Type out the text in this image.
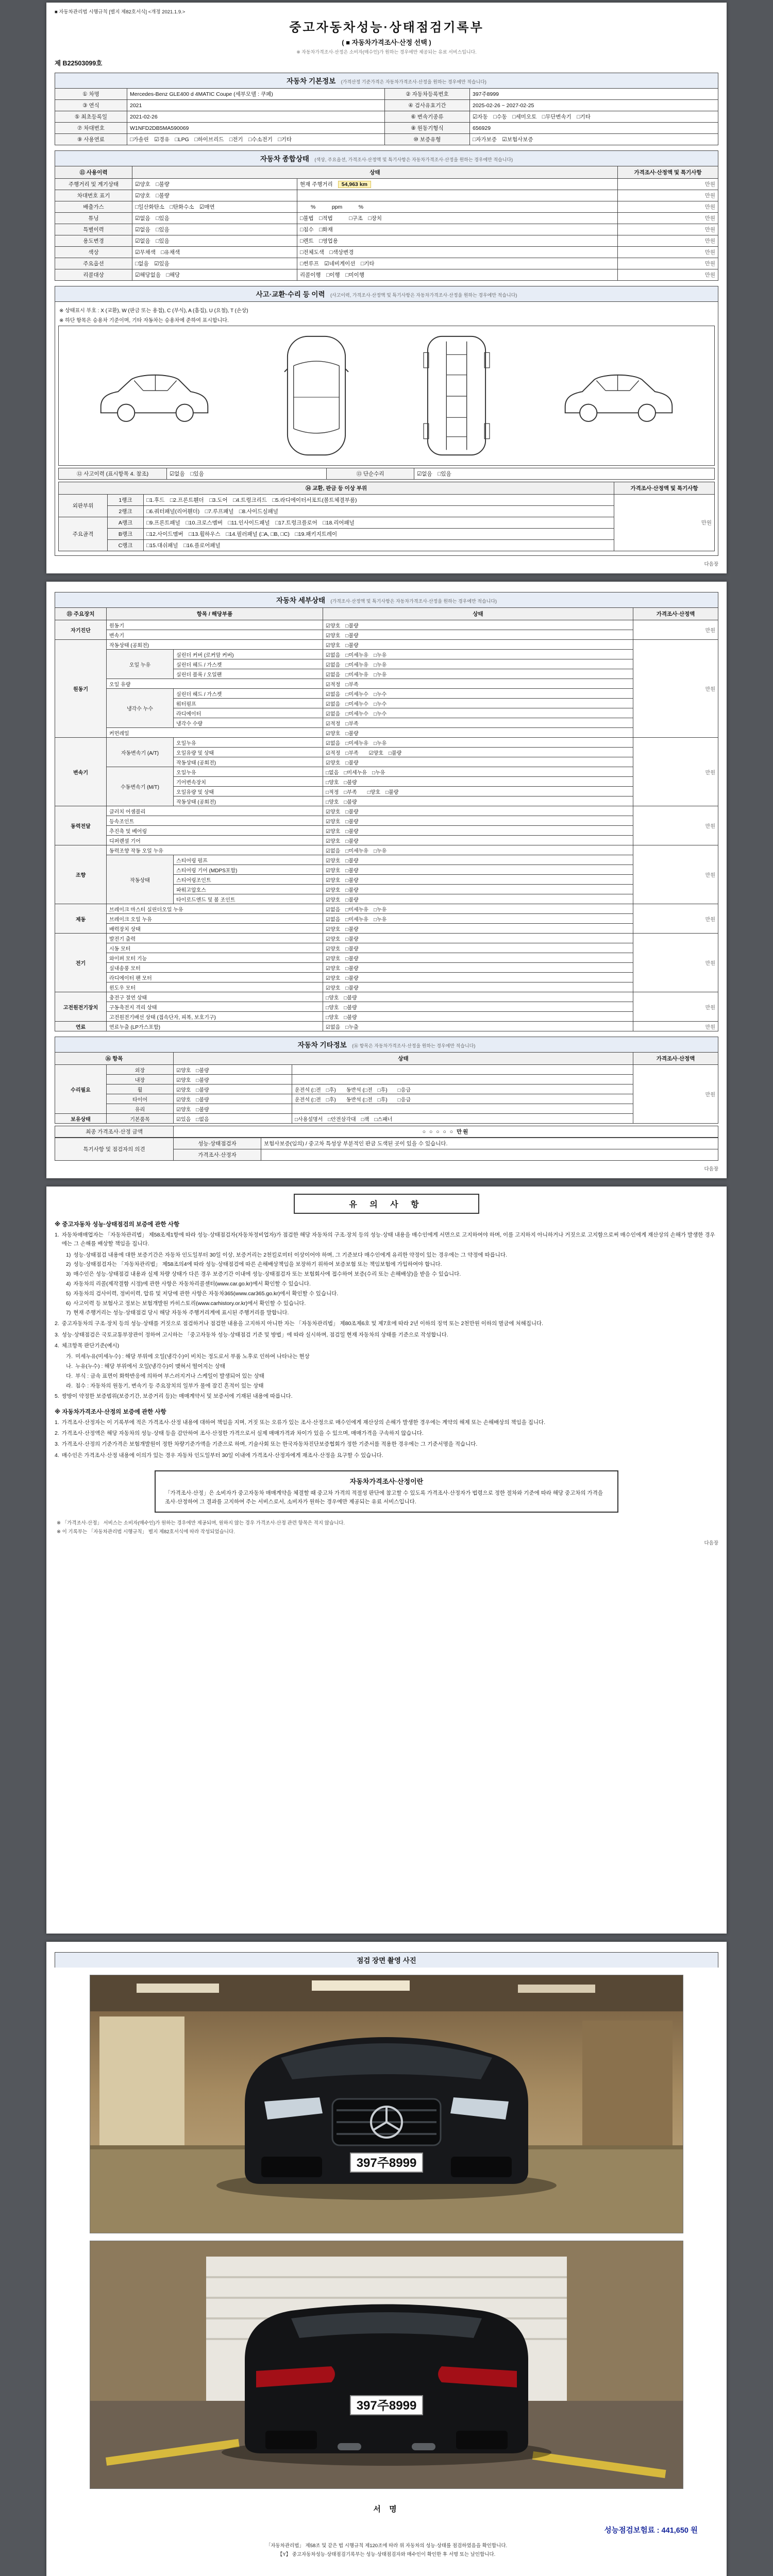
■ 자동차관리법 시행규칙 [별지 제82호서식] <개정 2021.1.9.>
중고자동차성능·상태점검기록부
( ■ 자동차가격조사·산정 선택 )
※ 자동차가격조사·산정은 소비자(매수인)가 원하는 경우에만 제공되는 유료 서비스입니다.
제 B22503099호
자동차 기본정보 (가격산정 기준가격은 자동차가격조사·산정을 원하는 경우에만 적습니다)
① 차명	Mercedes-Benz GLE400 d 4MATIC Coupe (세부모델 : 쿠페)	② 자동차등록번호	397주8999
③ 연식	2021	④ 검사유효기간	2025-02-26 ~ 2027-02-25
⑤ 최초등록일	2021-02-26	⑥ 변속기종류	☑자동　□수동　□세미오토　□무단변속기　□기타
⑦ 차대번호	W1NFD2DB5MA590069	⑧ 원동기형식	656929
⑨ 사용연료	□가솔린　☑경유　□LPG　□하이브리드　□전기　□수소전기　□기타	⑩ 보증유형	□자가보증　☑보험사보증
자동차 종합상태 (색상, 주요옵션, 가격조사·산정액 및 특기사항은 자동차가격조사·산정을 원하는 경우에만 적습니다)
⑪ 사용이력	상태		가격조사·산정액 및 특기사항
주행거리 및 계기상태	☑양호　□불량	현재 주행거리 54,963 km	만원
차대번호 표기	☑양호　□불량		만원
배출가스	□일산화탄소　□탄화수소　☑매연	　　%　　　ppm　　　%	만원
튜닝	☑없음　□있음	□불법　□적법　　　□구조　□장치	만원
특별이력	☑없음　□있음	□침수　□화재	만원
용도변경	☑없음　□있음	□렌트　□영업용	만원
색상	☑무채색　□유채색	□전체도색　□색상변경	만원
주요옵션	□없음　☑있음	□썬루프　☑네비게이션　□기타	만원
리콜대상	☑해당없음　□해당	리콜이행　□이행　□미이행	만원
사고·교환·수리 등 이력 (사고이력, 가격조사·산정액 및 특기사항은 자동차가격조사·산정을 원하는 경우에만 적습니다)
※ 상태표시 부호 : X (교환), W (판금 또는 용접), C (부식), A (흠집), U (요철), T (손상)
※ 하단 항목은 승용차 기준이며, 기타 자동차는 승용차에 준하여 표시합니다.
⑫ 사고이력 (표시항목 4. 참조)	☑없음　□있음	⑬ 단순수리	☑없음　□있음
⑭ 교환, 판금 등 이상 부위			가격조사·산정액 및 특기사항
외판부위	1랭크	□1.후드　□2.프론트휀더　□3.도어　□4.트렁크리드　□5.라디에이터서포트(볼트체결부품)	만원
	2랭크	□6.쿼터패널(리어휀더)　□7.루프패널　□8.사이드실패널	
주요골격	A랭크	□9.프론트패널　□10.크로스멤버　□11.인사이드패널　□17.트렁크플로어　□18.리어패널	
	B랭크	□12.사이드멤버　□13.휠하우스　□14.필러패널 (□A, □B, □C)　□19.패키지트레이	
	C랭크	□15.대쉬패널　□16.플로어패널	
다음장
자동차 세부상태 (가격조사·산정액 및 특기사항은 자동차가격조사·산정을 원하는 경우에만 적습니다)
⑮ 주요장치	항목 / 해당부품		상태	가격조사·산정액
자기진단	원동기		☑양호　□불량	만원
	변속기		☑양호　□불량	
원동기	작동상태 (공회전)		☑양호　□불량	만원
	오일 누유	실린더 커버 (로커암 커버)	☑없음　□미세누유　□누유	
		실린더 헤드 / 가스켓	☑없음　□미세누유　□누유	
		실린더 블록 / 오일팬	☑없음　□미세누유　□누유	
	오일 유량		☑적정　□부족	
	냉각수 누수	실린더 헤드 / 가스켓	☑없음　□미세누수　□누수	
		워터펌프	☑없음　□미세누수　□누수	
		라디에이터	☑없음　□미세누수　□누수	
		냉각수 수량	☑적정　□부족	
	커먼레일		☑양호　□불량	
변속기	자동변속기 (A/T)	오일누유	☑없음　□미세누유　□누유	만원
		오일유량 및 상태	☑적정　□부족　　☑양호　□불량	
		작동상태 (공회전)	☑양호　□불량	
	수동변속기 (M/T)	오일누유	□없음　□미세누유　□누유	
		기어변속장치	□양호　□불량	
		오일유량 및 상태	□적정　□부족　　□양호　□불량	
		작동상태 (공회전)	□양호　□불량	
동력전달	클러치 어셈블리		☑양호　□불량	만원
	등속조인트		☑양호　□불량	
	추진축 및 베어링		☑양호　□불량	
	디퍼렌셜 기어		☑양호　□불량	
조향	동력조향 작동 오일 누유		☑없음　□미세누유　□누유	만원
	작동상태	스티어링 펌프	☑양호　□불량	
		스티어링 기어 (MDPS포함)	☑양호　□불량	
		스티어링조인트	☑양호　□불량	
		파워고압호스	☑양호　□불량	
		타이로드엔드 및 볼 조인트	☑양호　□불량	
제동	브레이크 마스터 실린더오일 누유		☑없음　□미세누유　□누유	만원
	브레이크 오일 누유		☑없음　□미세누유　□누유	
	배력장치 상태		☑양호　□불량	
전기	발전기 출력		☑양호　□불량	만원
	시동 모터		☑양호　□불량	
	와이퍼 모터 기능		☑양호　□불량	
	실내송풍 모터		☑양호　□불량	
	라디에이터 팬 모터		☑양호　□불량	
	윈도우 모터		☑양호　□불량	
고전원전기장치	충전구 절연 상태		□양호　□불량	만원
	구동축전지 격리 상태		□양호　□불량	
	고전원전기배선 상태 (접속단자, 피복, 보호기구)		□양호　□불량	
연료	연료누출 (LP가스포함)		☑없음　□누출	만원
자동차 기타정보 (⑯ 항목은 자동차가격조사·산정을 원하는 경우에만 적습니다)
⑯ 항목		상태		가격조사·산정액
수리필요	외장	☑양호　□불량		만원
	내장	☑양호　□불량		
	휠	☑양호　□불량	운전석 (□전　□후)　　동반석 (□전　□후)　　□응급	
	타이어	☑양호　□불량	운전석 (□전　□후)　　동반석 (□전　□후)　　□응급	
	유리	☑양호　□불량		
보유상태	기본품목	☑있음　□없음	□사용설명서　□안전삼각대　□잭　□스패너	
최종 가격조사·산정 금액	○ ○ ○ ○ ○ 만원
특기사항 및 점검자의 의견	성능·상태점검자	보험사보증(임의) / 중고차 특성상 부분적인 판금 도색된 곳이 있을 수 있습니다.
	가격조사·산정자	
다음장
유 의 사 항
※ 중고자동차 성능·상태점검의 보증에 관한 사항
1. 자동차매매업자는 「자동차관리법」 제58조제1항에 따라 성능·상태점검자(자동차정비업자)가 점검한 해당 자동차의 구조·장치 등의 성능·상태 내용을 매수인에게 서면으로 고지하여야 하며, 이를 고지하지 아니하거나 거짓으로 고지함으로써 매수인에게 재산상의 손해가 발생한 경우에는 그 손해를 배상할 책임을 집니다.
1) 성능·상태점검 내용에 대한 보증기간은 자동차 인도일부터 30일 이상, 보증거리는 2천킬로미터 이상이어야 하며, 그 기준보다 매수인에게 유리한 약정이 있는 경우에는 그 약정에 따릅니다.
2) 성능·상태점검자는 「자동차관리법」 제58조의4에 따라 성능·상태점검에 따른 손해배상책임을 보장하기 위하여 보증보험 또는 책임보험에 가입하여야 합니다.
3) 매수인은 성능·상태점검 내용과 실제 차량 상태가 다른 경우 보증기간 이내에 성능·상태점검자 또는 보험회사에 접수하여 보증(수리 또는 손해배상)을 받을 수 있습니다.
4) 자동차의 리콜(제작결함 시정)에 관한 사항은 자동차리콜센터(www.car.go.kr)에서 확인할 수 있습니다.
5) 자동차의 검사이력, 정비이력, 압류 및 저당에 관한 사항은 자동차365(www.car365.go.kr)에서 확인할 수 있습니다.
6) 사고이력 등 보험사고 정보는 보험개발원 카히스토리(www.carhistory.or.kr)에서 확인할 수 있습니다.
7) 현재 주행거리는 성능·상태점검 당시 해당 자동차 주행거리계에 표시된 주행거리를 말합니다.
2. 중고자동차의 구조·장치 등의 성능·상태를 거짓으로 점검하거나 점검한 내용을 고지하지 아니한 자는 「자동차관리법」 제80조제6호 및 제7호에 따라 2년 이하의 징역 또는 2천만원 이하의 벌금에 처해집니다.
3. 성능·상태점검은 국토교통부장관이 정하여 고시하는 「중고자동차 성능·상태점검 기준 및 방법」에 따라 실시하며, 점검일 현재 자동차의 상태를 기준으로 작성합니다.
4. 체크항목 판단기준(예시)
가. 미세누유(미세누수) : 해당 부위에 오일(냉각수)이 비치는 정도로서 부품 노후로 인하여 나타나는 현상
나. 누유(누수) : 해당 부위에서 오일(냉각수)이 맺혀서 떨어지는 상태
다. 부식 : 금속 표면이 화학반응에 의하여 부스러지거나 스케일이 발생되어 있는 상태
라. 침수 : 자동차의 원동기, 변속기 등 주요장치의 일부가 물에 잠긴 흔적이 있는 상태
5. 쌍방이 약정한 보증범위(보증기간, 보증거리 등)는 매매계약서 및 보증서에 기재된 내용에 따릅니다.
※ 자동차가격조사·산정의 보증에 관한 사항
1. 가격조사·산정자는 이 기록부에 적은 가격조사·산정 내용에 대하여 책임을 지며, 거짓 또는 오류가 있는 조사·산정으로 매수인에게 재산상의 손해가 발생한 경우에는 계약의 해제 또는 손해배상의 책임을 집니다.
2. 가격조사·산정액은 해당 자동차의 성능·상태 등을 감안하여 조사·산정한 가격으로서 실제 매매가격과 차이가 있을 수 있으며, 매매가격을 구속하지 않습니다.
3. 가격조사·산정의 기준가격은 보험개발원이 정한 차량기준가액을 기준으로 하며, 기술사회 또는 한국자동차진단보증협회가 정한 기준서를 적용한 경우에는 그 기준서명을 적습니다.
4. 매수인은 가격조사·산정 내용에 이의가 있는 경우 자동차 인도일부터 30일 이내에 가격조사·산정자에게 재조사·산정을 요구할 수 있습니다.
자동차가격조사·산정이란
「가격조사·산정」은 소비자가 중고자동차 매매계약을 체결할 때 중고차 가격의 적절성 판단에 참고할 수 있도록 가격조사·산정자가 법령으로 정한 절차와 기준에 따라 해당 중고차의 가격을 조사·산정하여 그 결과를 고지하여 주는 서비스로서, 소비자가 원하는 경우에만 제공되는 유료 서비스입니다.
※ 「가격조사·산정」 서비스는 소비자(매수인)가 원하는 경우에만 제공되며, 원하지 않는 경우 가격조사·산정 관련 항목은 적지 않습니다.
※ 이 기록부는 「자동차관리법 시행규칙」 별지 제82호서식에 따라 작성되었습니다.
다음장
점검 장면 촬영 사진
397주8999
397주8999
서 명
성능점검보험료 : 441,650 원
「자동차관리법」 제58조 및 같은 법 시행규칙 제120조에 따라 위 자동차의 성능·상태를 점검하였음을 확인합니다.
【Y】 중고자동차성능·상태점검기록부는 성능·상태점검자와 매수인이 확인한 후 서명 또는 날인합니다.
